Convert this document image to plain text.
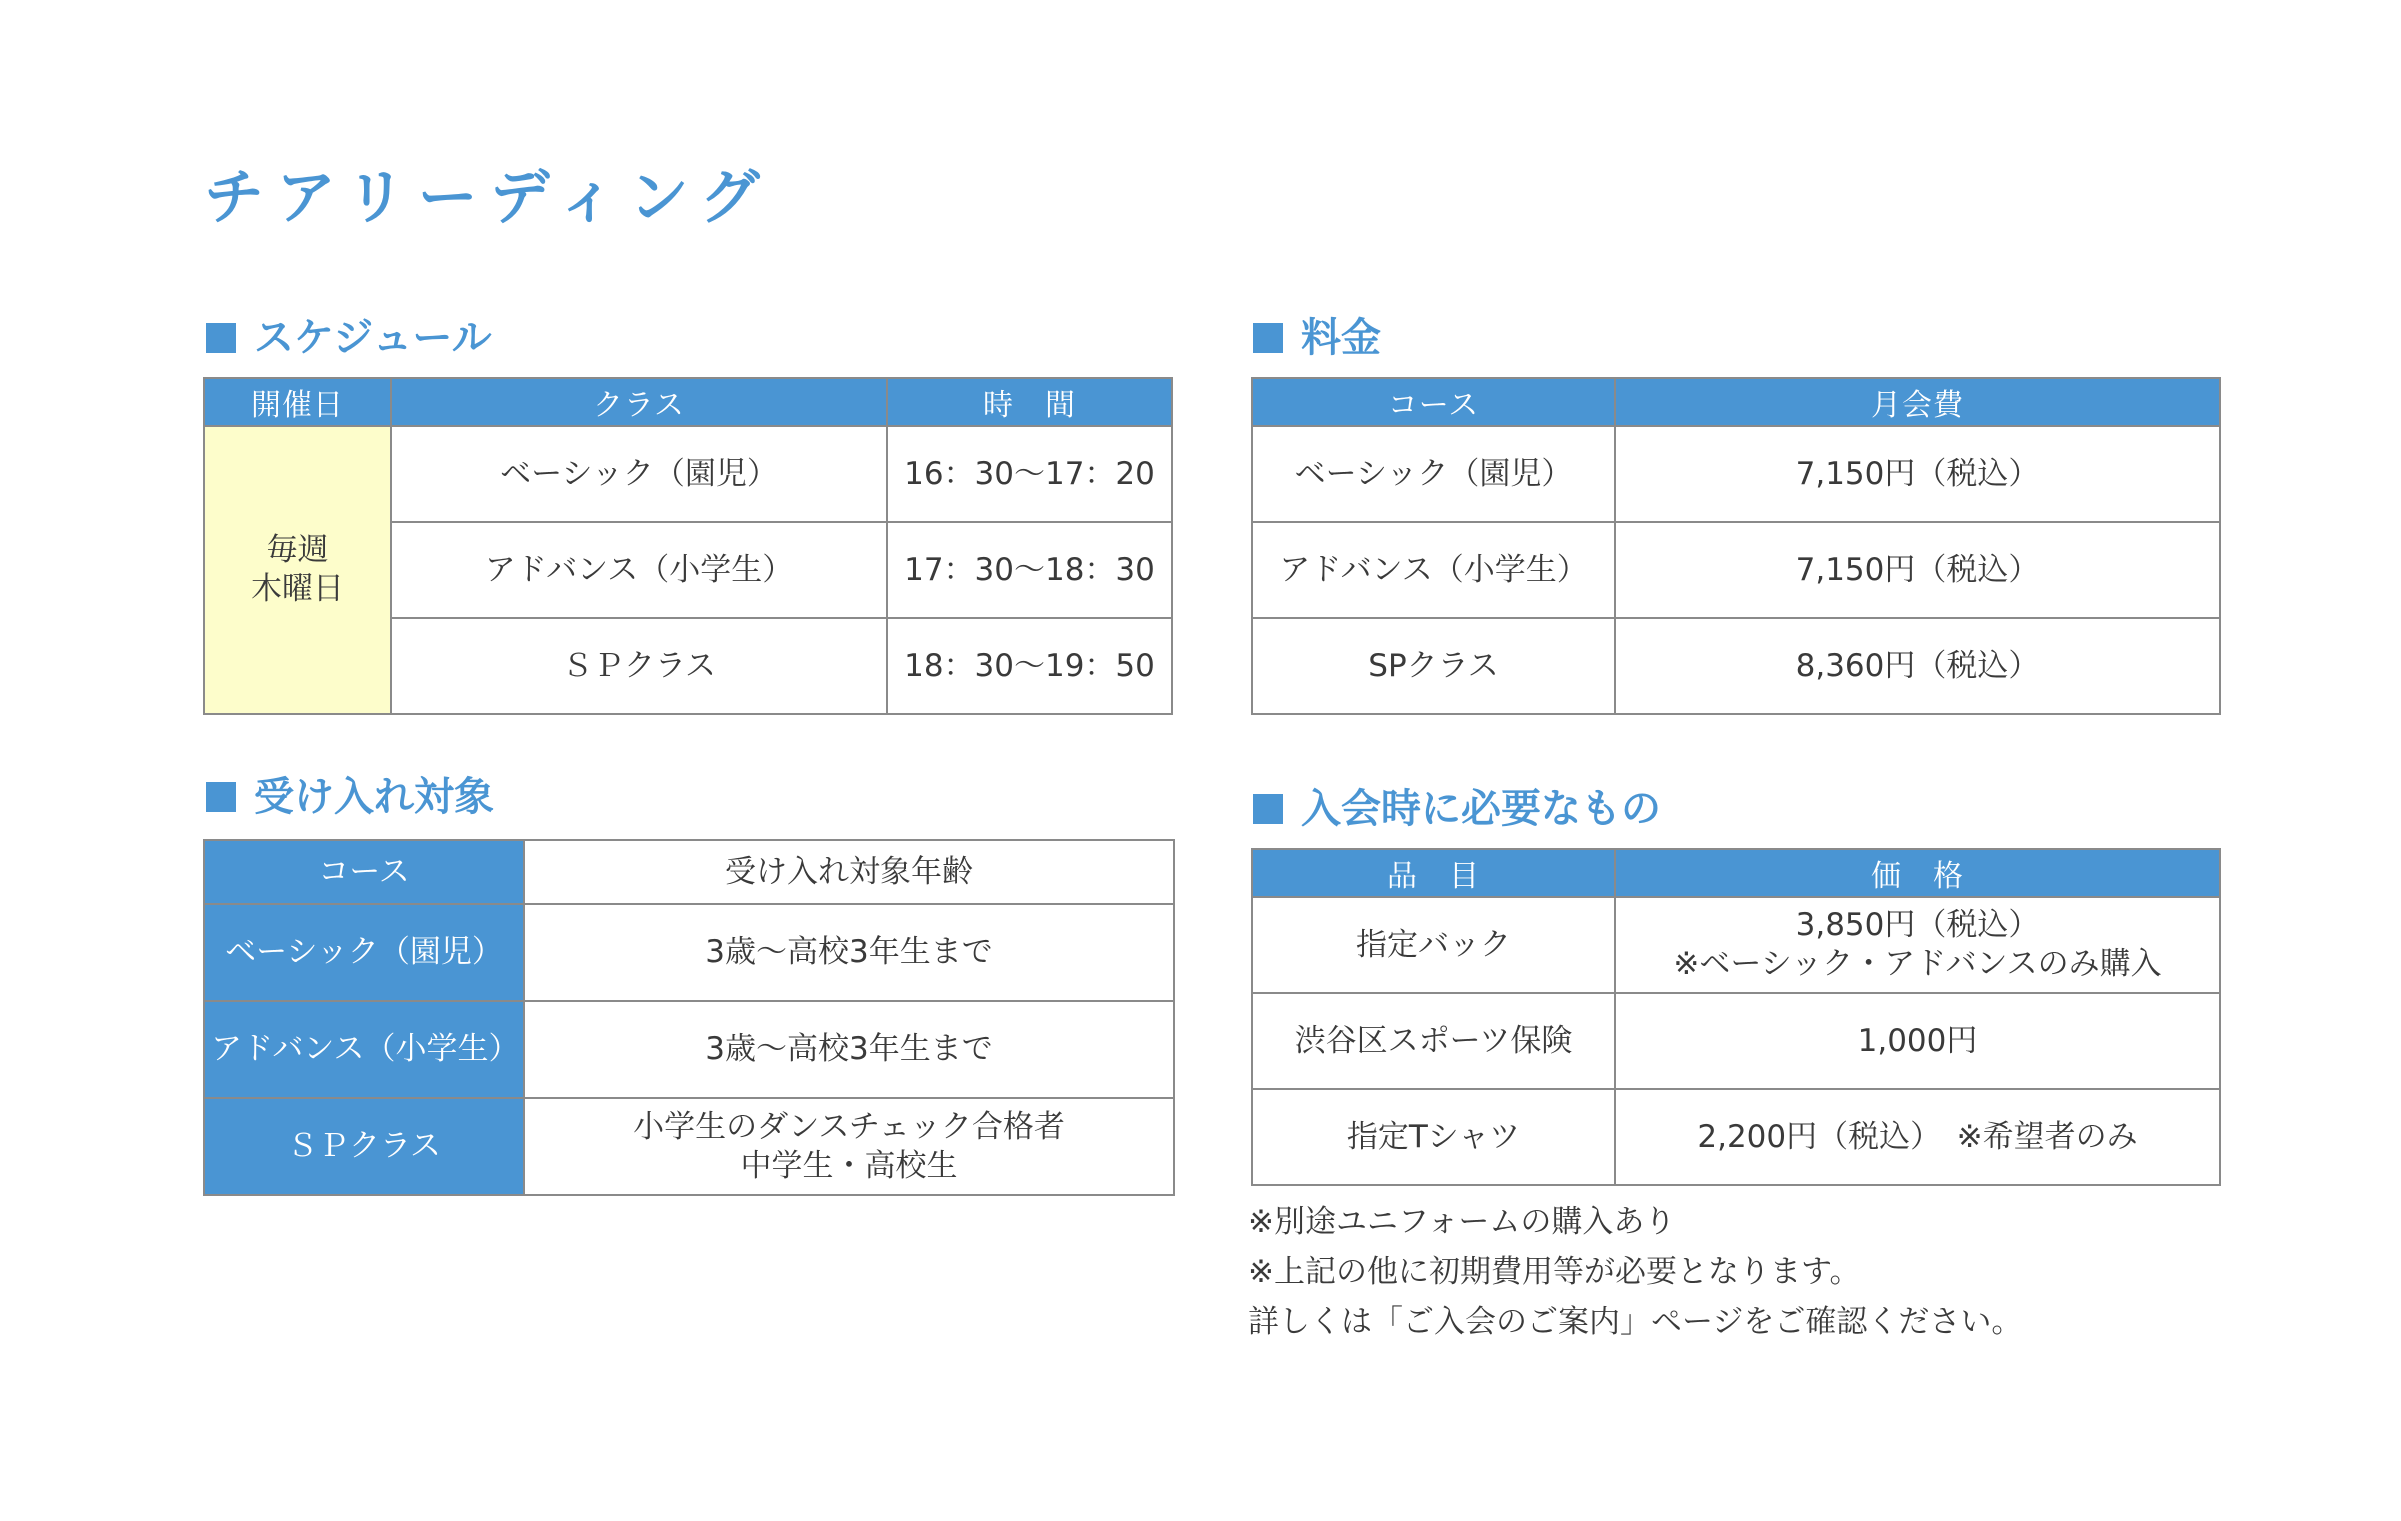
チアリーディング
スケジュール
開催日	クラス	時　間

毎週
木曜日	ベーシック（園児）	16：30〜17：20
	アドバンス（小学生）	17：30〜18：30
	ＳＰクラス	18：30〜19：50
料金
コース	月会費
ベーシック（園児）	7,150円（税込）
アドバンス（小学生）	7,150円（税込）
SPクラス	8,360円（税込）
受け入れ対象
コース	受け入れ対象年齢
ベーシック（園児）	3歳〜高校3年生まで
アドバンス（小学生）	3歳〜高校3年生まで
ＳＰクラス	小学生のダンスチェック合格者
中学生・高校生
入会時に必要なもの
品　目	価　格
指定バック	3,850円（税込）
※ベーシック・アドバンスのみ購入

渋谷区スポーツ保険	1,000円
指定Tシャツ	2,200円（税込）　※希望者のみ
※別途ユニフォームの購入あり
※上記の他に初期費用等が必要となります。
詳しくは「ご入会のご案内」ページをご確認ください。
